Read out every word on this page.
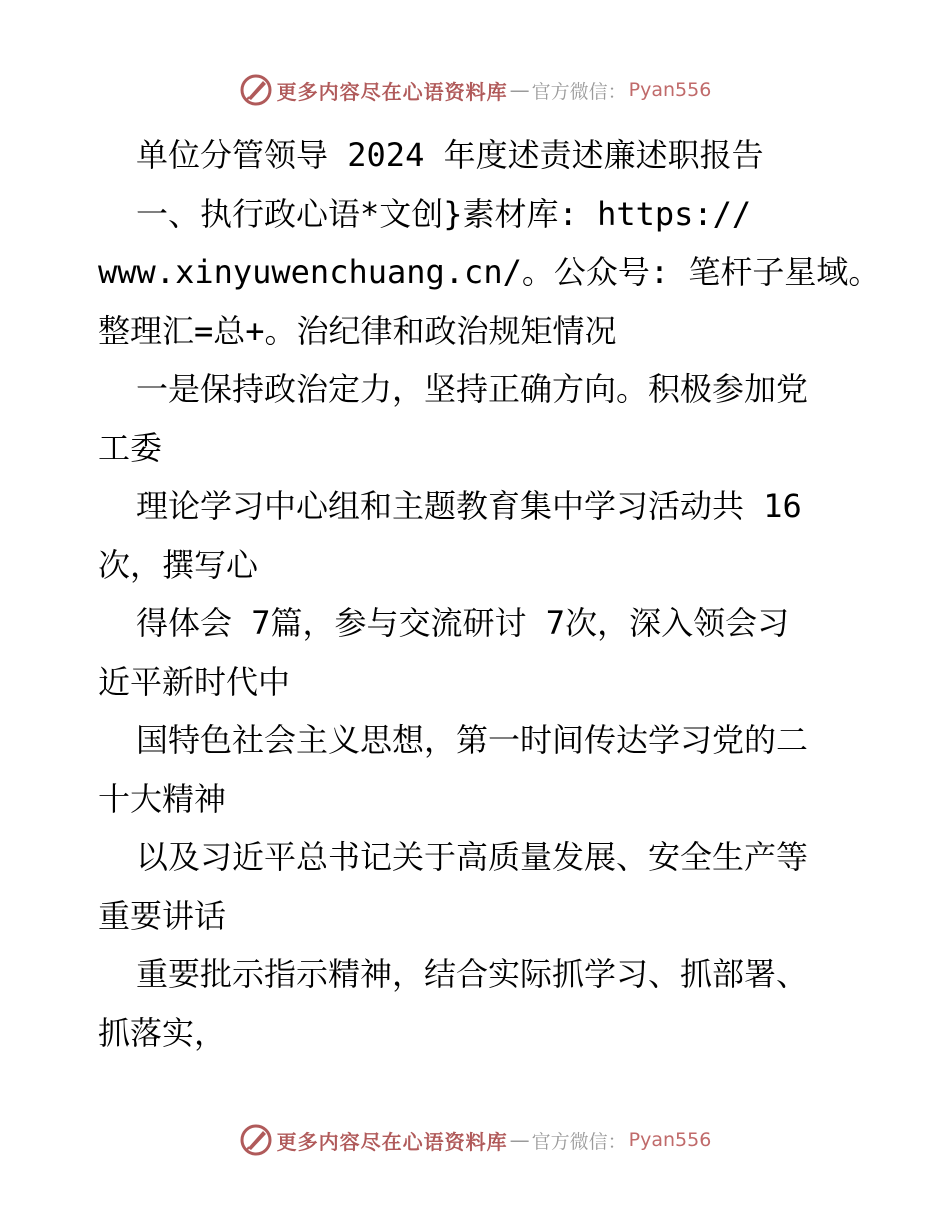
更多内容尽在心语资料库 — 官方微信： Pyan556

单位分管领导 2024 年度述责述廉述职报告

一、执行政心语*文创}素材库: https://

www.xinyuwenchuang.cn/。公众号: 笔杆子星域。

整理汇=总+。治纪律和政治规矩情况

一是保持政治定力，坚持正确方向。积极参加党

工委

理论学习中心组和主题教育集中学习活动共 16

次，撰写心

得体会 7篇，参与交流研讨 7次，深入领会习

近平新时代中

国特色社会主义思想，第一时间传达学习党的二

十大精神

以及习近平总书记关于高质量发展、安全生产等

重要讲话

重要批示指示精神，结合实际抓学习、抓部署、

抓落实，

更多内容尽在心语资料库 — 官方微信： Pyan556
